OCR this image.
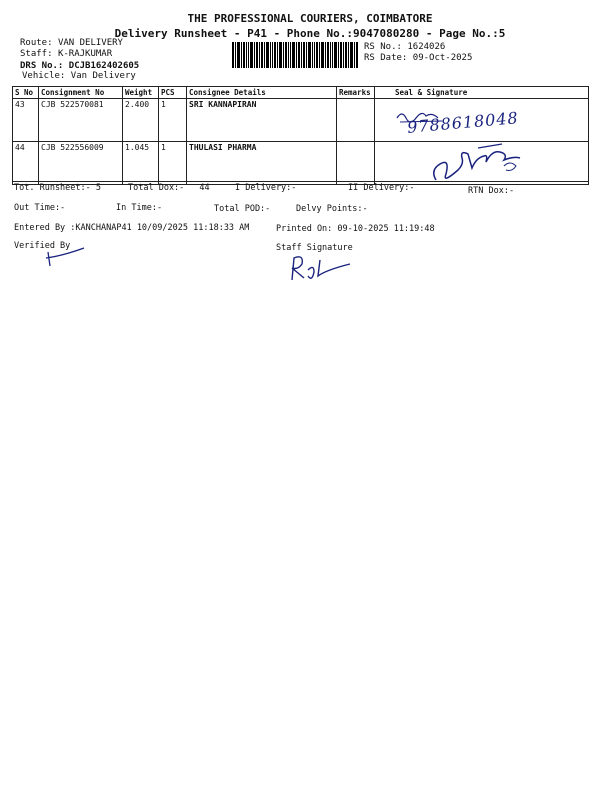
THE PROFESSIONAL COURIERS, COIMBATORE
Delivery Runsheet - P41 - Phone No.:9047080280 - Page No.:5
Route: VAN DELIVERY
Staff: K-RAJKUMAR
DRS No.: DCJB162402605
Vehicle: Van Delivery
RS No.: 1624026
RS Date: 09-Oct-2025
S No	Consignment No	Weight	PCS	Consignee Details	Remarks	Seal & Signature
43	CJB 522570081	2.400	1	SRI KANNAPIRAN		9788618048

44	CJB 522556009	1.045	1	THULASI PHARMA		
Tot. Runsheet:- 5	Total Dox:- 44	I Delivery:-	II Delivery:-	RTN Dox:-
Out Time:-	In Time:-	Total POD:-	Delvy Points:-
Entered By :KANCHANAP41 10/09/2025 11:18:33 AM	Printed On: 09-10-2025 11:19:48
Verified By	Staff Signature
